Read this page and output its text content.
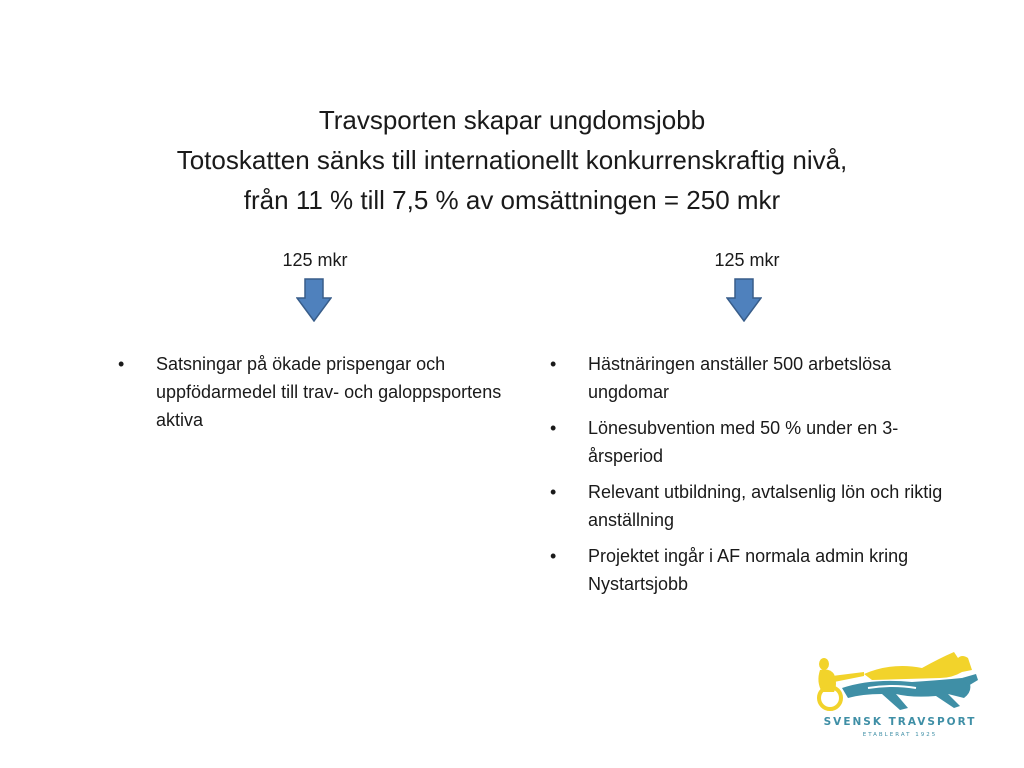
Travsporten skapar ungdomsjobb
Totoskatten sänks till internationellt konkurrenskraftig nivå,
från 11 % till 7,5 % av omsättningen = 250 mkr
125 mkr
•	Satsningar på ökade prispengar och uppfödarmedel till trav- och galoppsportens aktiva
125 mkr
•	Hästnäringen anställer 500 arbetslösa ungdomar
•	Lönesubvention med 50 % under en 3-årsperiod
•	Relevant utbildning, avtalsenlig lön och riktig anställning
•	Projektet ingår i AF normala admin kring Nystartsjobb
SVENSK TRAVSPORT
ETABLERAT 1925
